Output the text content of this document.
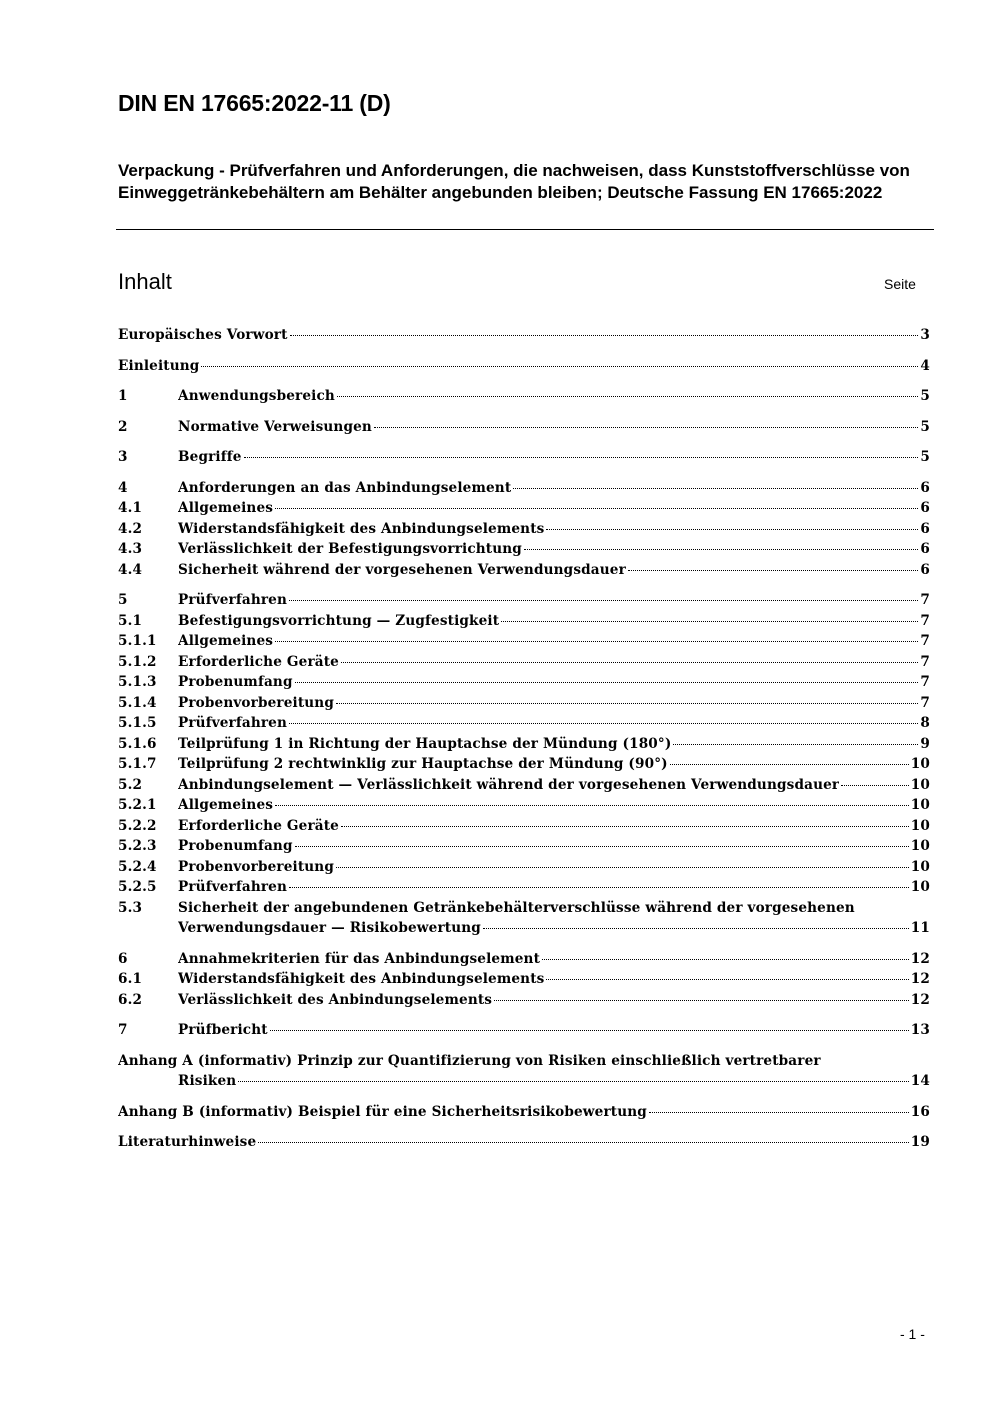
DIN EN 17665:2022-11 (D)
Verpackung - Prüfverfahren und Anforderungen, die nachweisen, dass Kunststoffverschlüsse von Einweggetränkebehältern am Behälter angebunden bleiben; Deutsche Fassung EN 17665:2022
Inhalt	Seite
Europäisches Vorwort	3
Einleitung	4
1	Anwendungsbereich	5
2	Normative Verweisungen	5
3	Begriffe	5
4	Anforderungen an das Anbindungselement	6
4.1	Allgemeines	6
4.2	Widerstandsfähigkeit des Anbindungselements	6
4.3	Verlässlichkeit der Befestigungsvorrichtung	6
4.4	Sicherheit während der vorgesehenen Verwendungsdauer	6
5	Prüfverfahren	7
5.1	Befestigungsvorrichtung — Zugfestigkeit	7
5.1.1	Allgemeines	7
5.1.2	Erforderliche Geräte	7
5.1.3	Probenumfang	7
5.1.4	Probenvorbereitung	7
5.1.5	Prüfverfahren	8
5.1.6	Teilprüfung 1 in Richtung der Hauptachse der Mündung (180°)	9
5.1.7	Teilprüfung 2 rechtwinklig zur Hauptachse der Mündung (90°)	10
5.2	Anbindungselement — Verlässlichkeit während der vorgesehenen Verwendungsdauer	10
5.2.1	Allgemeines	10
5.2.2	Erforderliche Geräte	10
5.2.3	Probenumfang	10
5.2.4	Probenvorbereitung	10
5.2.5	Prüfverfahren	10
5.3	Sicherheit der angebundenen Getränkebehälterverschlüsse während der vorgesehenen
Verwendungsdauer — Risikobewertung	11
6	Annahmekriterien für das Anbindungselement	12
6.1	Widerstandsfähigkeit des Anbindungselements	12
6.2	Verlässlichkeit des Anbindungselements	12
7	Prüfbericht	13
Anhang A (informativ) Prinzip zur Quantifizierung von Risiken einschließlich vertretbarer
Risiken	14
Anhang B (informativ) Beispiel für eine Sicherheitsrisikobewertung	16
Literaturhinweise	19
- 1 -
